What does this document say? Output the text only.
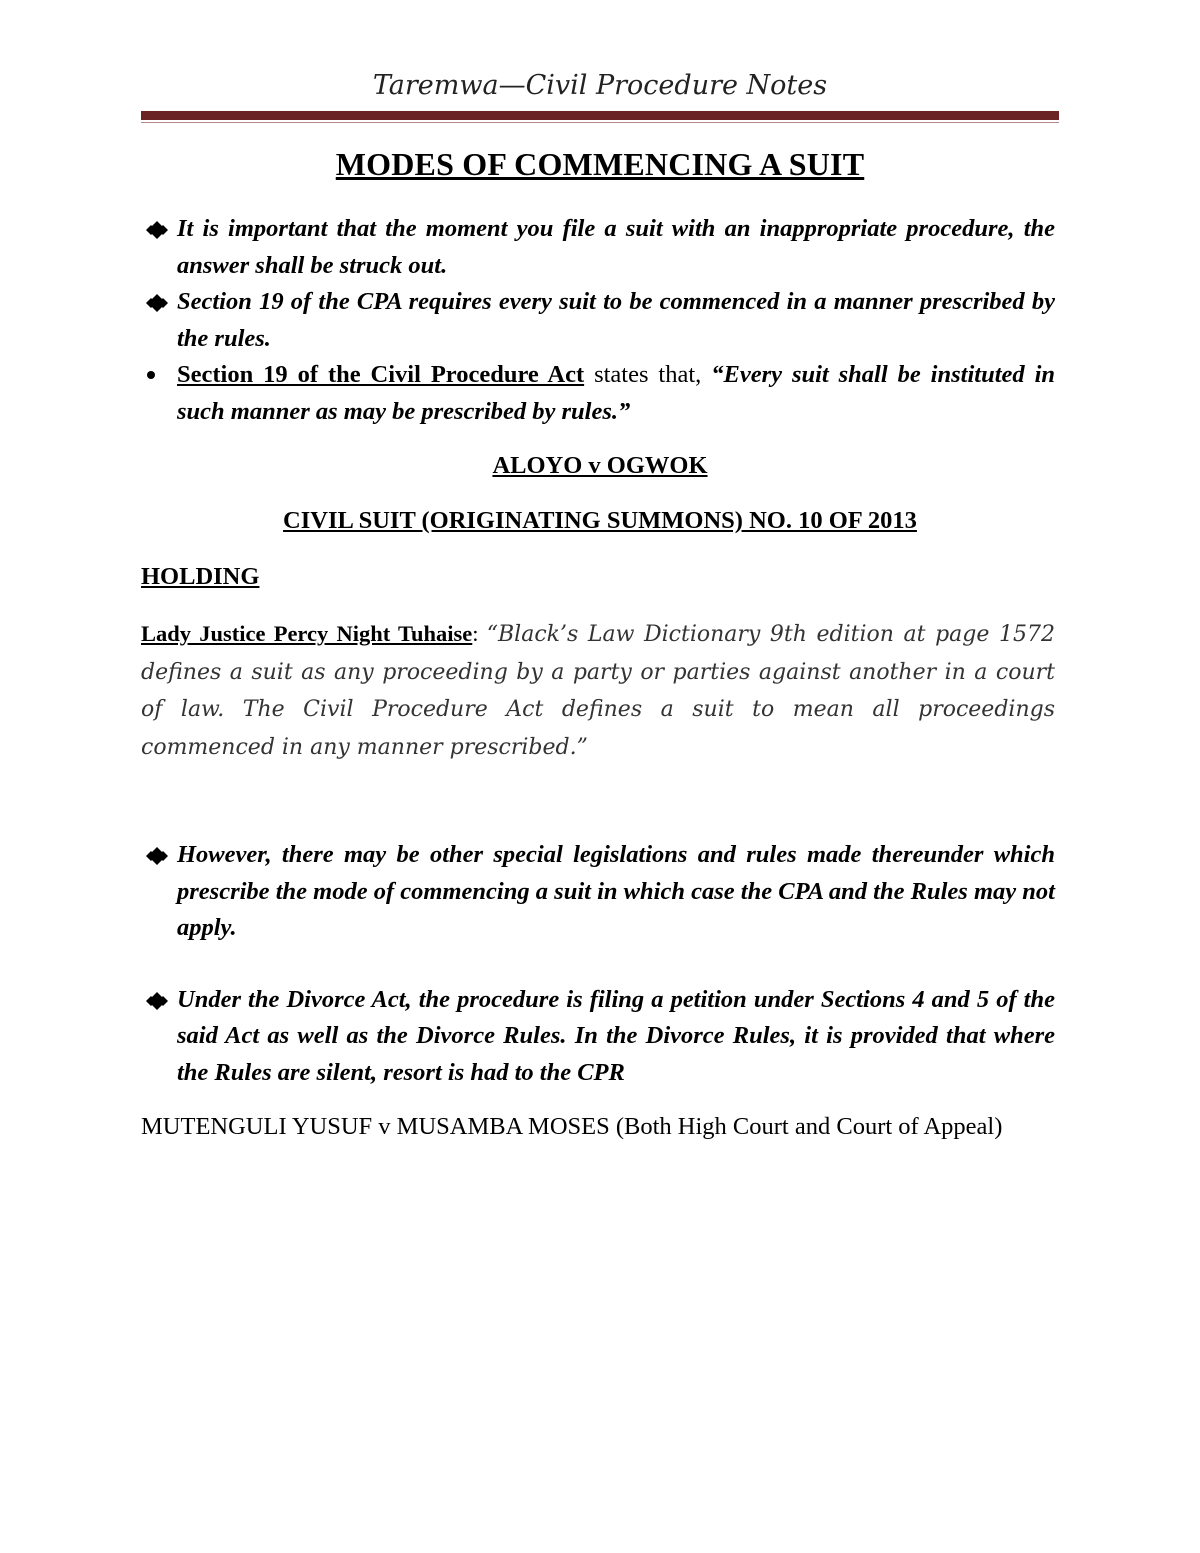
Taremwa—Civil Procedure Notes
MODES OF COMMENCING A SUIT
It is important that the moment you file a suit with an inappropriate procedure, the answer shall be struck out.
Section 19 of the CPA requires every suit to be commenced in a manner prescribed by the rules.
Section 19 of the Civil Procedure Act states that, “Every suit shall be instituted in such manner as may be prescribed by rules.”
ALOYO v OGWOK
CIVIL SUIT (ORIGINATING SUMMONS) NO. 10 OF 2013
HOLDING
Lady Justice Percy Night Tuhaise: “Black’s Law Dictionary 9th edition at page 1572 defines a suit as any proceeding by a party or parties against another in a court of law. The Civil Procedure Act defines a suit to mean all proceedings commenced in any manner prescribed.”
However, there may be other special legislations and rules made thereunder which prescribe the mode of commencing a suit in which case the CPA and the Rules may not apply.
Under the Divorce Act, the procedure is filing a petition under Sections 4 and 5 of the said Act as well as the Divorce Rules. In the Divorce Rules, it is provided that where the Rules are silent, resort is had to the CPR
MUTENGULI YUSUF v MUSAMBA MOSES (Both High Court and Court of Appeal)
